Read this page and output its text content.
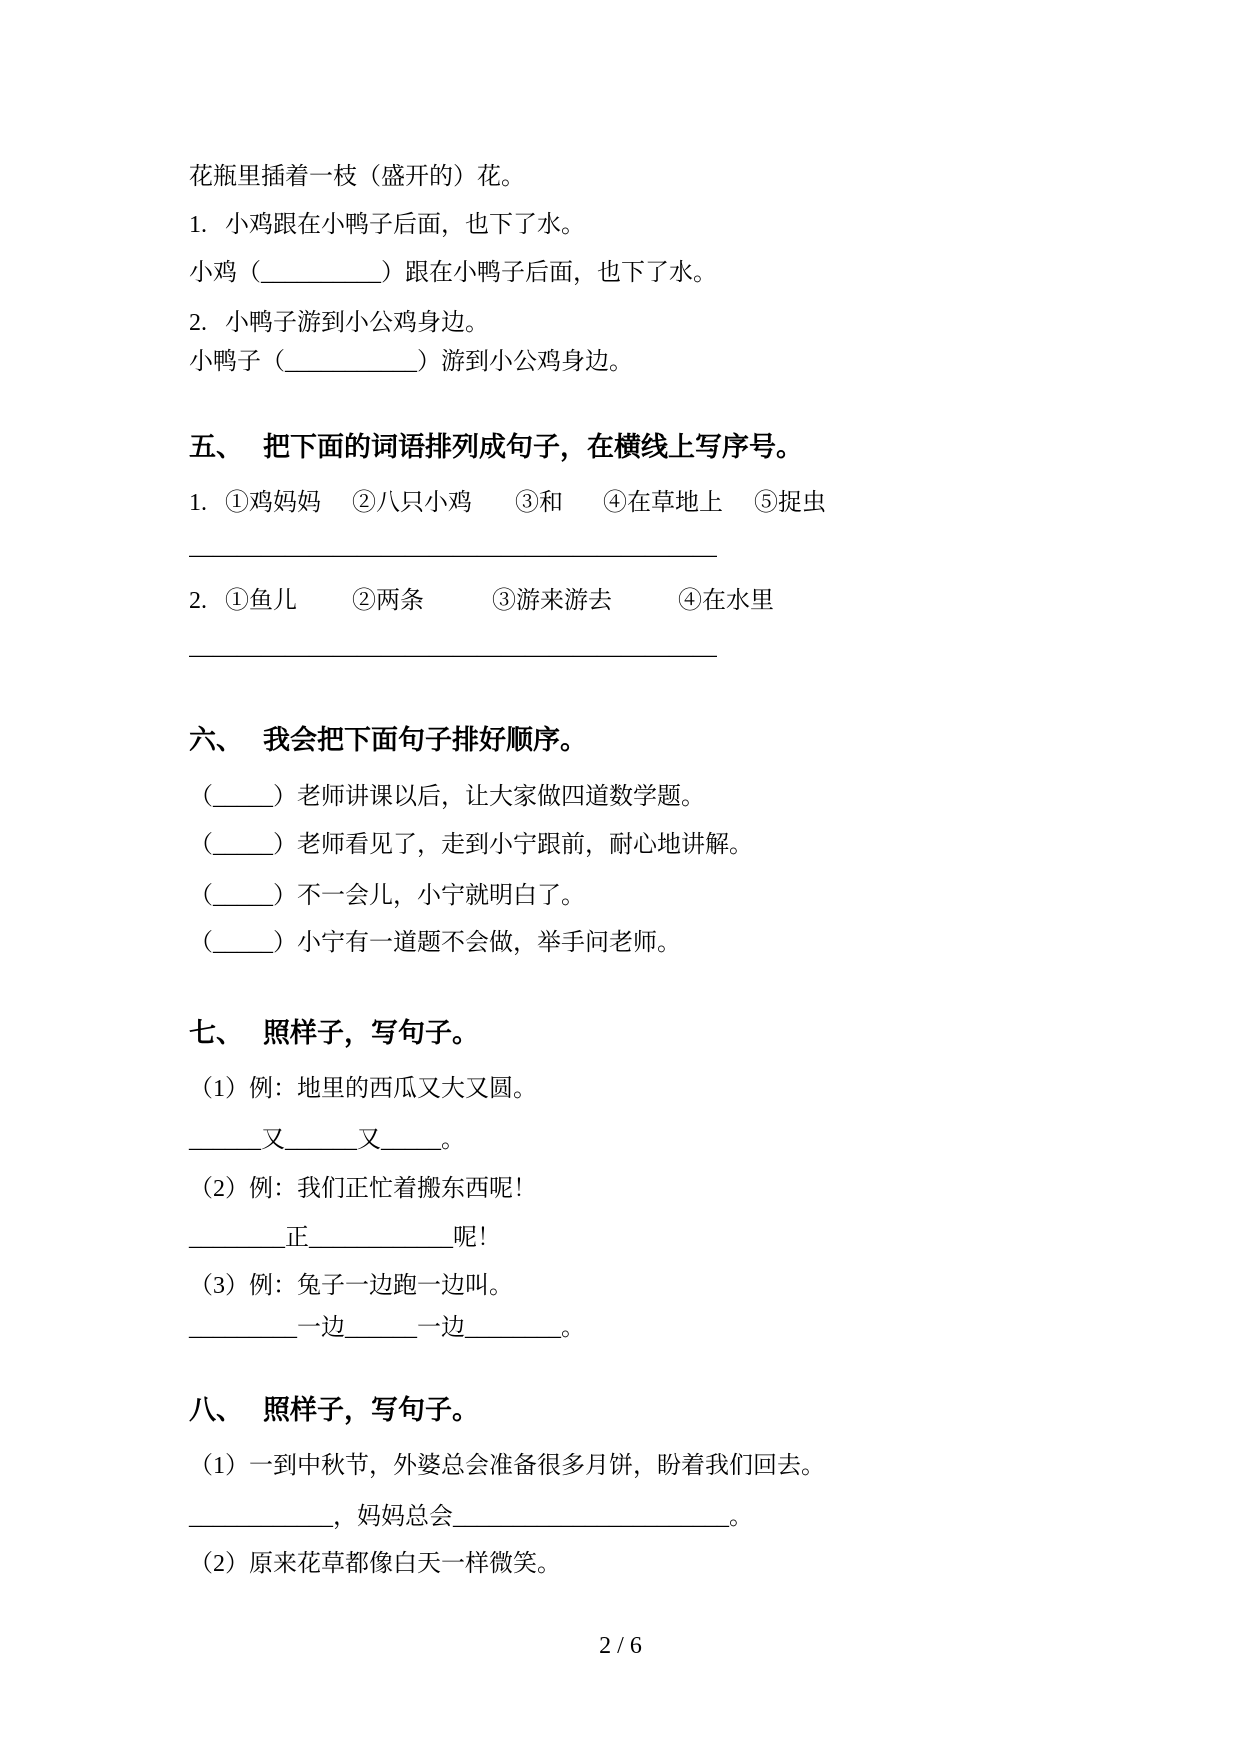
花瓶里插着一枝（盛开的）花。
1. 小鸡跟在小鸭子后面，也下了水。
小鸡（__________）跟在小鸭子后面，也下了水。
2. 小鸭子游到小公鸡身边。
小鸭子（___________）游到小公鸡身边。
五、 把下面的词语排列成句子，在横线上写序号。
1. ①鸡妈妈 ②八只小鸡 ③和 ④在草地上 ⑤捉虫
——————————————————————
2. ①鱼儿 ②两条	③游来游去	④在水里
——————————————————————
六、 我会把下面句子排好顺序。
（_____）老师讲课以后，让大家做四道数学题。
（_____）老师看见了，走到小宁跟前，耐心地讲解。
（_____）不一会儿，小宁就明白了。
（_____）小宁有一道题不会做，举手问老师。
七、 照样子，写句子。
（1）例：地里的西瓜又大又圆。
______又______又_____。
（2）例：我们正忙着搬东西呢！
________正____________呢！
（3）例：兔子一边跑一边叫。
_________一边______一边________。
八、 照样子，写句子。
（1）一到中秋节，外婆总会准备很多月饼，盼着我们回去。
____________，妈妈总会_______________________。
（2）原来花草都像白天一样微笑。
2 / 6
